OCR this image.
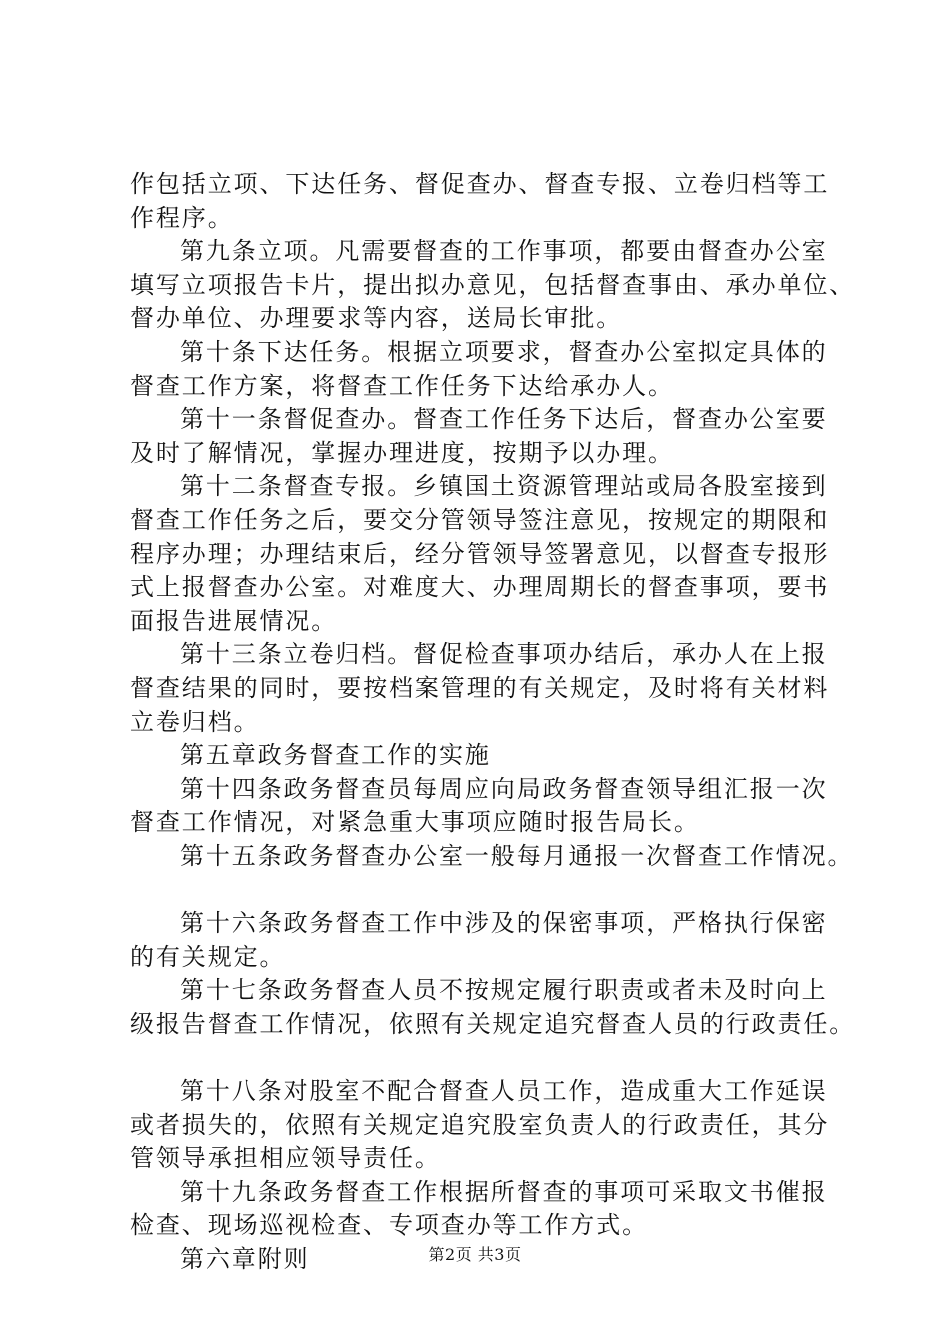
作包括立项、下达任务、督促查办、督查专报、立卷归档等工
作程序。
第九条立项。凡需要督查的工作事项，都要由督查办公室
填写立项报告卡片，提出拟办意见，包括督查事由、承办单位、
督办单位、办理要求等内容，送局长审批。
第十条下达任务。根据立项要求，督查办公室拟定具体的
督查工作方案，将督查工作任务下达给承办人。
第十一条督促查办。督查工作任务下达后，督查办公室要
及时了解情况，掌握办理进度，按期予以办理。
第十二条督查专报。乡镇国土资源管理站或局各股室接到
督查工作任务之后，要交分管领导签注意见，按规定的期限和
程序办理；办理结束后，经分管领导签署意见，以督查专报形
式上报督查办公室。对难度大、办理周期长的督查事项，要书
面报告进展情况。
第十三条立卷归档。督促检查事项办结后，承办人在上报
督查结果的同时，要按档案管理的有关规定，及时将有关材料
立卷归档。
第五章政务督查工作的实施
第十四条政务督查员每周应向局政务督查领导组汇报一次
督查工作情况，对紧急重大事项应随时报告局长。
第十五条政务督查办公室一般每月通报一次督查工作情况。
第十六条政务督查工作中涉及的保密事项，严格执行保密
的有关规定。
第十七条政务督查人员不按规定履行职责或者未及时向上
级报告督查工作情况，依照有关规定追究督查人员的行政责任。
第十八条对股室不配合督查人员工作，造成重大工作延误
或者损失的，依照有关规定追究股室负责人的行政责任，其分
管领导承担相应领导责任。
第十九条政务督查工作根据所督查的事项可采取文书催报
检查、现场巡视检查、专项查办等工作方式。
第六章附则	第2页 共3页
